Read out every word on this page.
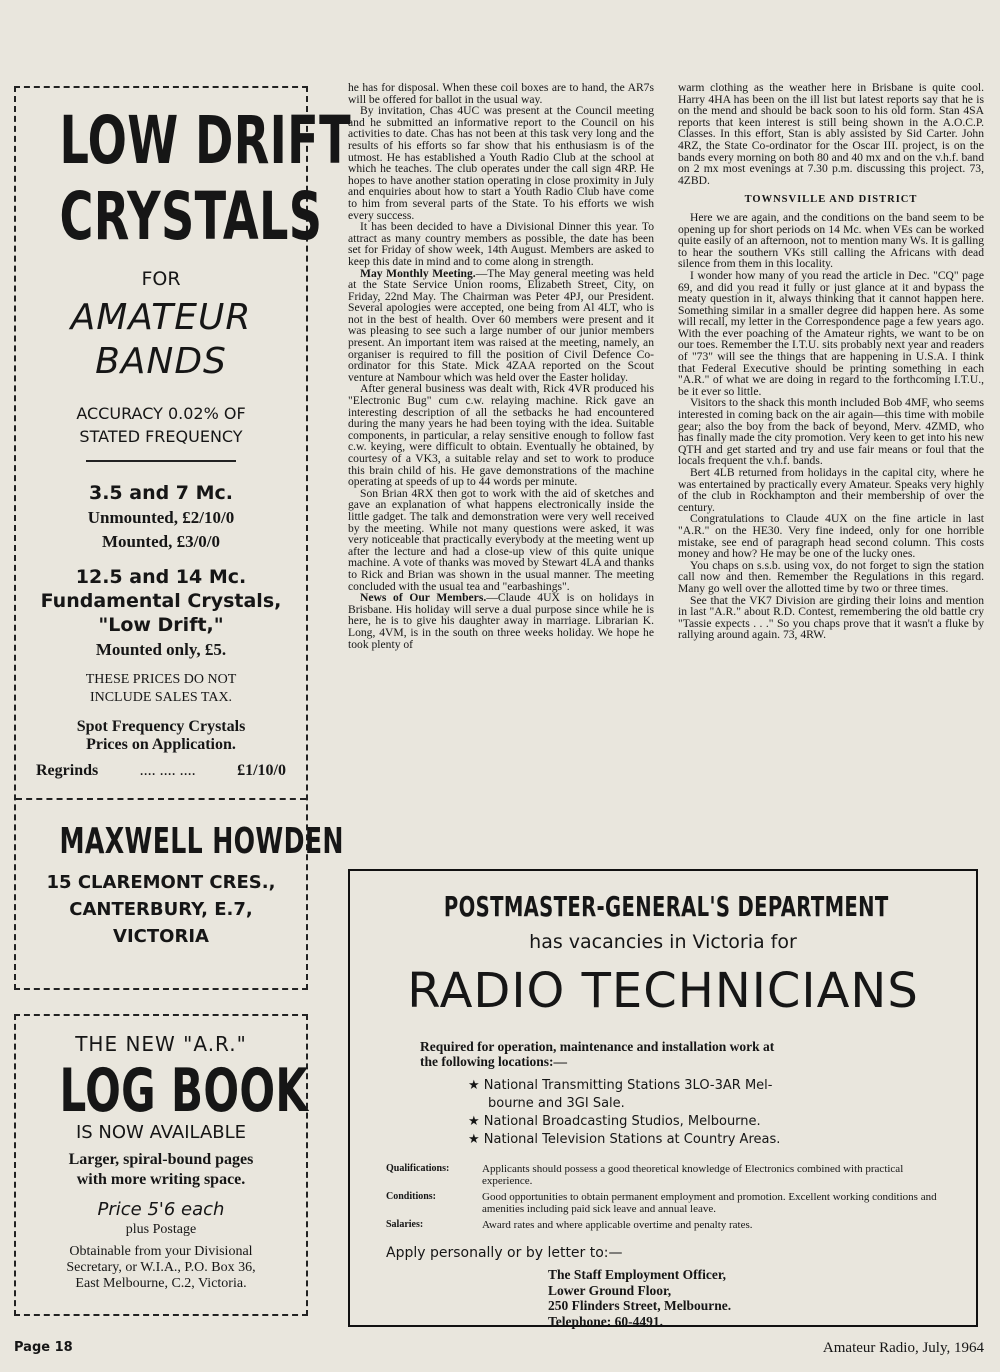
LOW DRIFT

CRYSTALS

FOR

AMATEUR

BANDS

ACCURACY 0.02% OF

STATED FREQUENCY

3.5 and 7 Mc.

Unmounted, £2/10/0

Mounted, £3/0/0

12.5 and 14 Mc.

Fundamental Crystals,

"Low Drift,"

Mounted only, £5.

THESE PRICES DO NOT

INCLUDE SALES TAX.

Spot Frequency Crystals

Prices on Application.

Regrinds	.... .... ....	£1/10/0

MAXWELL HOWDEN

15 CLAREMONT CRES.,

CANTERBURY, E.7,

VICTORIA

THE NEW "A.R."

LOG BOOK

IS NOW AVAILABLE

Larger, spiral-bound pages

with more writing space.

Price 5'6 each

plus Postage

Obtainable from your Divisional

Secretary, or W.I.A., P.O. Box 36,

East Melbourne, C.2, Victoria.

he has for disposal. When these coil boxes are to hand, the AR7s will be offered for ballot in the usual way.

By invitation, Chas 4UC was present at the Council meeting and he submitted an informative report to the Council on his activities to date. Chas has not been at this task very long and the results of his efforts so far show that his enthusiasm is of the utmost. He has established a Youth Radio Club at the school at which he teaches. The club operates under the call sign 4RP. He hopes to have another station operating in close proximity in July and enquiries about how to start a Youth Radio Club have come to him from several parts of the State. To his efforts we wish every success.

It has been decided to have a Divisional Dinner this year. To attract as many country members as possible, the date has been set for Friday of show week, 14th August. Members are asked to keep this date in mind and to come along in strength.

May Monthly Meeting.—The May general meeting was held at the State Service Union rooms, Elizabeth Street, City, on Friday, 22nd May. The Chairman was Peter 4PJ, our President. Several apologies were accepted, one being from Al 4LT, who is not in the best of health. Over 60 members were present and it was pleasing to see such a large number of our junior members present. An important item was raised at the meeting, namely, an organiser is required to fill the position of Civil Defence Co-ordinator for this State. Mick 4ZAA reported on the Scout venture at Nambour which was held over the Easter holiday.

After general business was dealt with, Rick 4VR produced his "Electronic Bug" cum c.w. relaying machine. Rick gave an interesting description of all the setbacks he had encountered during the many years he had been toying with the idea. Suitable components, in particular, a relay sensitive enough to follow fast c.w. keying, were difficult to obtain. Eventually he obtained, by courtesy of a VK3, a suitable relay and set to work to produce this brain child of his. He gave demonstrations of the machine operating at speeds of up to 44 words per minute.

Son Brian 4RX then got to work with the aid of sketches and gave an explanation of what happens electronically inside the little gadget. The talk and demonstration were very well received by the meeting. While not many questions were asked, it was very noticeable that practically everybody at the meeting went up after the lecture and had a close-up view of this quite unique machine. A vote of thanks was moved by Stewart 4LA and thanks to Rick and Brian was shown in the usual manner. The meeting concluded with the usual tea and "earbashings".

News of Our Members.—Claude 4UX is on holidays in Brisbane. His holiday will serve a dual purpose since while he is here, he is to give his daughter away in marriage. Librarian K. Long, 4VM, is in the south on three weeks holiday. We hope he took plenty of

warm clothing as the weather here in Brisbane is quite cool. Harry 4HA has been on the ill list but latest reports say that he is on the mend and should be back soon to his old form. Stan 4SA reports that keen interest is still being shown in the A.O.C.P. Classes. In this effort, Stan is ably assisted by Sid Carter. John 4RZ, the State Co-ordinator for the Oscar III. project, is on the bands every morning on both 80 and 40 mx and on the v.h.f. band on 2 mx most evenings at 7.30 p.m. discussing this project. 73, 4ZBD.

TOWNSVILLE AND DISTRICT

Here we are again, and the conditions on the band seem to be opening up for short periods on 14 Mc. when VEs can be worked quite easily of an afternoon, not to mention many Ws. It is galling to hear the southern VKs still calling the Africans with dead silence from them in this locality.

I wonder how many of you read the article in Dec. "CQ" page 69, and did you read it fully or just glance at it and bypass the meaty question in it, always thinking that it cannot happen here. Something similar in a smaller degree did happen here. As some will recall, my letter in the Correspondence page a few years ago. With the ever poaching of the Amateur rights, we want to be on our toes. Remember the I.T.U. sits probably next year and readers of "73" will see the things that are happening in U.S.A. I think that Federal Executive should be printing something in each "A.R." of what we are doing in regard to the forthcoming I.T.U., be it ever so little.

Visitors to the shack this month included Bob 4MF, who seems interested in coming back on the air again—this time with mobile gear; also the boy from the back of beyond, Merv. 4ZMD, who has finally made the city promotion. Very keen to get into his new QTH and get started and try and use fair means or foul that the locals frequent the v.h.f. bands.

Bert 4LB returned from holidays in the capital city, where he was entertained by practically every Amateur. Speaks very highly of the club in Rockhampton and their membership of over the century.

Congratulations to Claude 4UX on the fine article in last "A.R." on the HE30. Very fine indeed, only for one horrible mistake, see end of paragraph head second column. This costs money and how? He may be one of the lucky ones.

You chaps on s.s.b. using vox, do not forget to sign the station call now and then. Remember the Regulations in this regard. Many go well over the allotted time by two or three times.

See that the VK7 Division are girding their loins and mention in last "A.R." about R.D. Contest, remembering the old battle cry "Tassie expects . . ." So you chaps prove that it wasn't a fluke by rallying around again. 73, 4RW.

POSTMASTER-GENERAL'S DEPARTMENT

has vacancies in Victoria for

RADIO TECHNICIANS

Required for operation, maintenance and installation work at

the following locations:—

★ National Transmitting Stations 3LO-3AR Mel-
bourne and 3GI Sale.
★ National Broadcasting Studios, Melbourne.
★ National Television Stations at Country Areas.
Qualifications:	Applicants should possess a good theoretical knowledge of Electronics combined with practical experience.
Conditions:	Good opportunities to obtain permanent employment and promotion. Excellent working conditions and amenities including paid sick leave and annual leave.
Salaries:	Award rates and where applicable overtime and penalty rates.

Apply personally or by letter to:—

The Staff Employment Officer,
Lower Ground Floor,
250 Flinders Street, Melbourne.
Telephone: 60-4491.
Page 18	Amateur Radio, July, 1964
